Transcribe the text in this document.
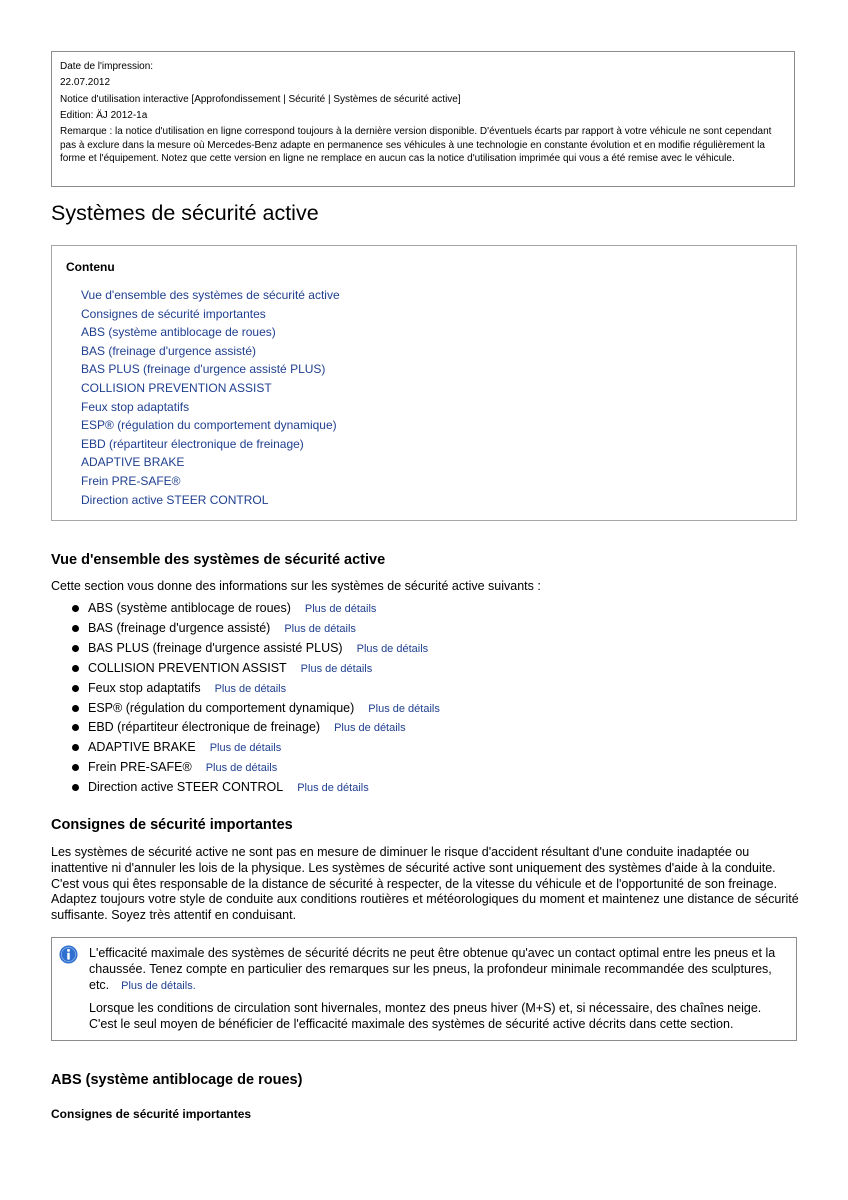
Date de l'impression:
22.07.2012
Notice d'utilisation interactive [Approfondissement | Sécurité | Systèmes de sécurité active]
Edition: ÄJ 2012-1a
Remarque : la notice d'utilisation en ligne correspond toujours à la dernière version disponible. D'éventuels écarts par rapport à votre véhicule ne sont cependant pas à exclure dans la mesure où Mercedes-Benz adapte en permanence ses véhicules à une technologie en constante évolution et en modifie régulièrement la forme et l'équipement. Notez que cette version en ligne ne remplace en aucun cas la notice d'utilisation imprimée qui vous a été remise avec le véhicule.
Systèmes de sécurité active
Contenu
Vue d'ensemble des systèmes de sécurité active
Consignes de sécurité importantes
ABS (système antiblocage de roues)
BAS (freinage d'urgence assisté)
BAS PLUS (freinage d'urgence assisté PLUS)
COLLISION PREVENTION ASSIST
Feux stop adaptatifs
ESP® (régulation du comportement dynamique)
EBD (répartiteur électronique de freinage)
ADAPTIVE BRAKE
Frein PRE-SAFE®
Direction active STEER CONTROL
Vue d'ensemble des systèmes de sécurité active

Cette section vous donne des informations sur les systèmes de sécurité active suivants :

ABS (système antiblocage de roues) Plus de détails
BAS (freinage d'urgence assisté) Plus de détails
BAS PLUS (freinage d'urgence assisté PLUS) Plus de détails
COLLISION PREVENTION ASSIST Plus de détails
Feux stop adaptatifs Plus de détails
ESP® (régulation du comportement dynamique) Plus de détails
EBD (répartiteur électronique de freinage) Plus de détails
ADAPTIVE BRAKE Plus de détails
Frein PRE-SAFE® Plus de détails
Direction active STEER CONTROL Plus de détails
Consignes de sécurité importantes

Les systèmes de sécurité active ne sont pas en mesure de diminuer le risque d'accident résultant d'une conduite inadaptée ou inattentive ni d'annuler les lois de la physique. Les systèmes de sécurité active sont uniquement des systèmes d'aide à la conduite. C'est vous qui êtes responsable de la distance de sécurité à respecter, de la vitesse du véhicule et de l'opportunité de son freinage. Adaptez toujours votre style de conduite aux conditions routières et météorologiques du moment et maintenez une distance de sécurité suffisante. Soyez très attentif en conduisant.

L'efficacité maximale des systèmes de sécurité décrits ne peut être obtenue qu'avec un contact optimal entre les pneus et la chaussée. Tenez compte en particulier des remarques sur les pneus, la profondeur minimale recommandée des sculptures, etc. Plus de détails.

Lorsque les conditions de circulation sont hivernales, montez des pneus hiver (M+S) et, si nécessaire, des chaînes neige. C'est le seul moyen de bénéficier de l'efficacité maximale des systèmes de sécurité active décrits dans cette section.

ABS (système antiblocage de roues)
Consignes de sécurité importantes
